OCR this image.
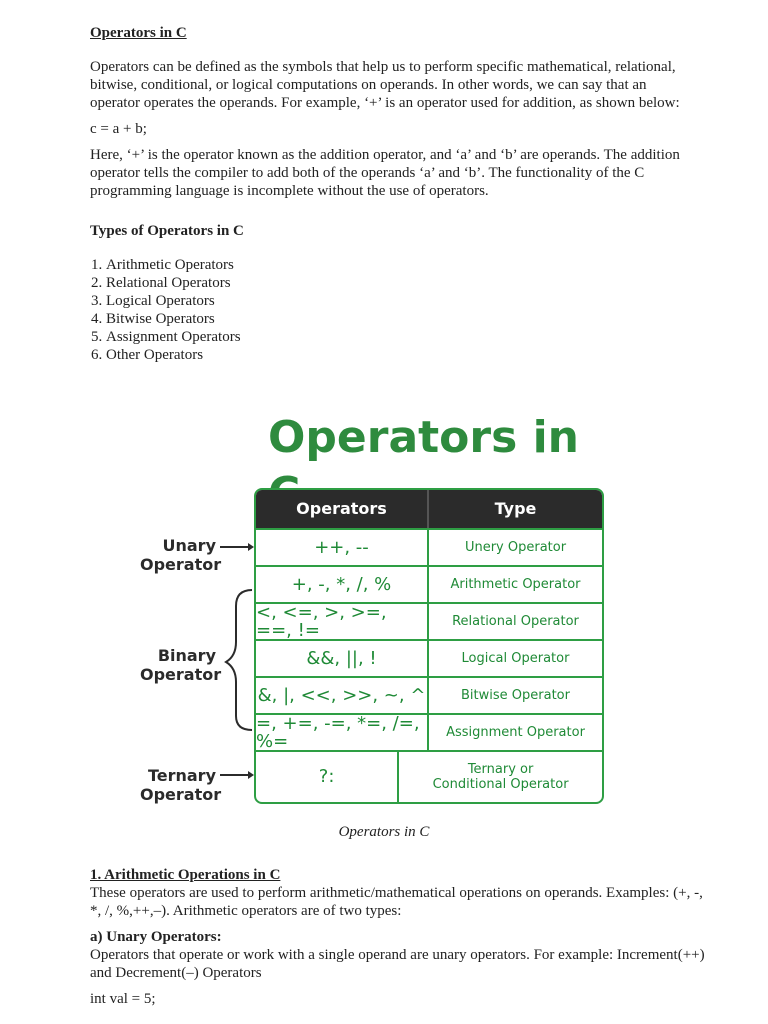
Operators in C

Operators can be defined as the symbols that help us to perform specific mathematical, relational, bitwise, conditional, or logical computations on operands. In other words, we can say that an operator operates the operands. For example, ‘+’ is an operator used for addition, as shown below:

c = a + b;

Here, ‘+’ is the operator known as the addition operator, and ‘a’ and ‘b’ are operands. The addition operator tells the compiler to add both of the operands ‘a’ and ‘b’. The functionality of the C programming language is incomplete without the use of operators.

Types of Operators in C

1. Arithmetic Operators
2. Relational Operators
3. Logical Operators
4. Bitwise Operators
5. Assignment Operators
6. Other Operators
Operators in
Unary Operator
Binary Operator
Ternary Operator
Operators	Type
++, --	Unery Operator
+, -, *, /, %	Arithmetic Operator
<, <=, >, >=, ==, !=	Relational Operator
&&, ||, !	Logical Operator
&, |, <<, >>, ~, ^	Bitwise Operator
=, +=, -=, *=, /=, %=	Assignment Operator
?:	Ternary or Conditional Operator
Operators in C

1. Arithmetic Operations in C

These operators are used to perform arithmetic/mathematical operations on operands. Examples: (+, -, *, /, %,++,–). Arithmetic operators are of two types:

a) Unary Operators:

Operators that operate or work with a single operand are unary operators. For example: Increment(++) and Decrement(–) Operators

int val = 5;
